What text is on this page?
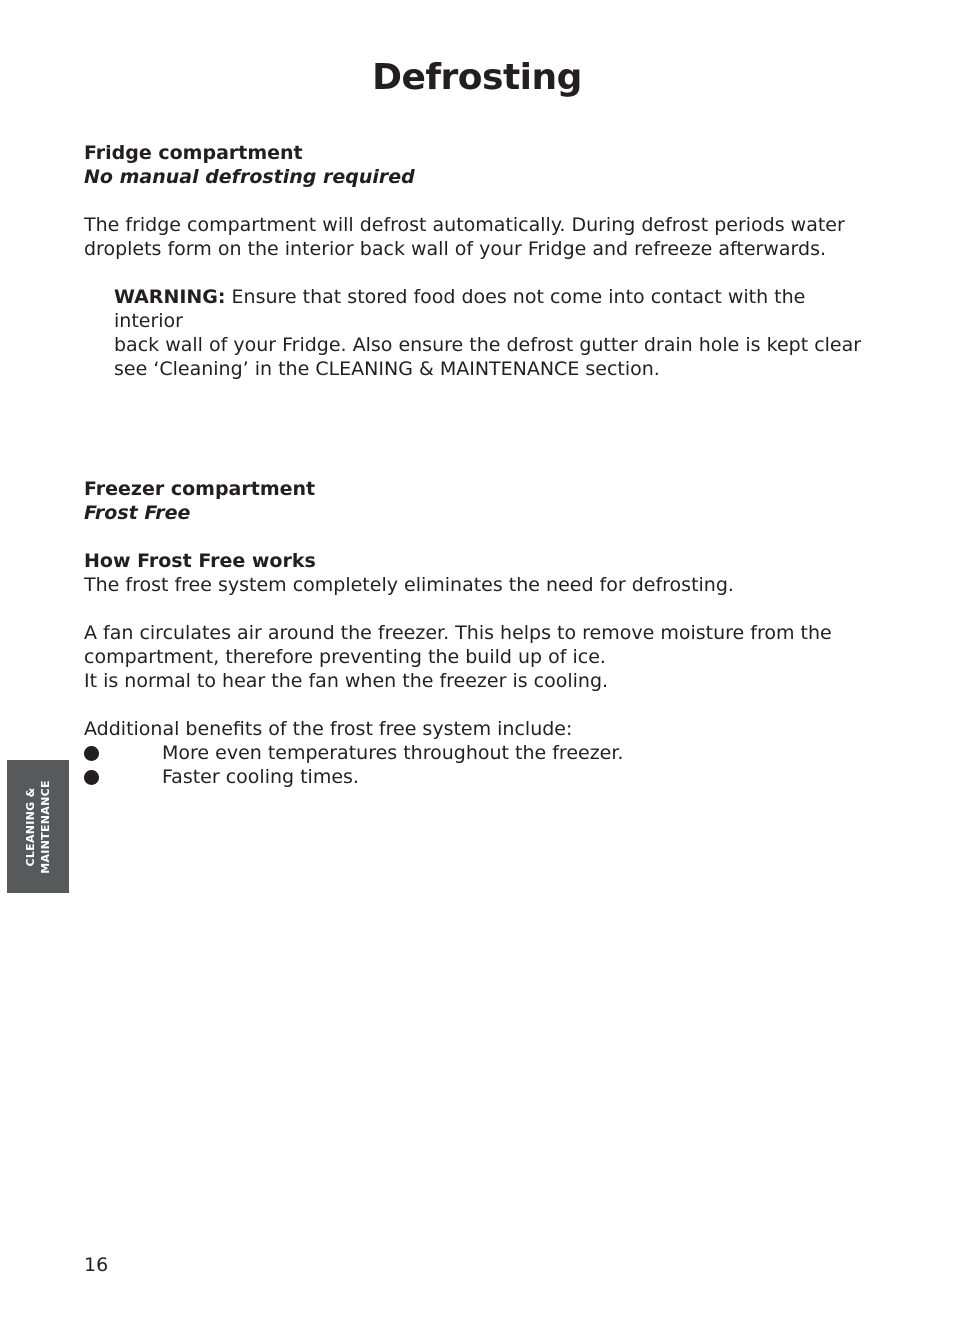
Defrosting

Fridge compartment

No manual defrosting required

The fridge compartment will defrost automatically. During defrost periods water

droplets form on the interior back wall of your Fridge and refreeze afterwards.

WARNING: Ensure that stored food does not come into contact with the interior

back wall of your Fridge. Also ensure the defrost gutter drain hole is kept clear

see ‘Cleaning’ in the CLEANING & MAINTENANCE section.

Freezer compartment

Frost Free

How Frost Free works

The frost free system completely eliminates the need for defrosting.

A fan circulates air around the freezer. This helps to remove moisture from the

compartment, therefore preventing the build up of ice.

It is normal to hear the fan when the freezer is cooling.

Additional benefits of the frost free system include:

More even temperatures throughout the freezer.
Faster cooling times.
CLEANING & MAINTENANCE
16
